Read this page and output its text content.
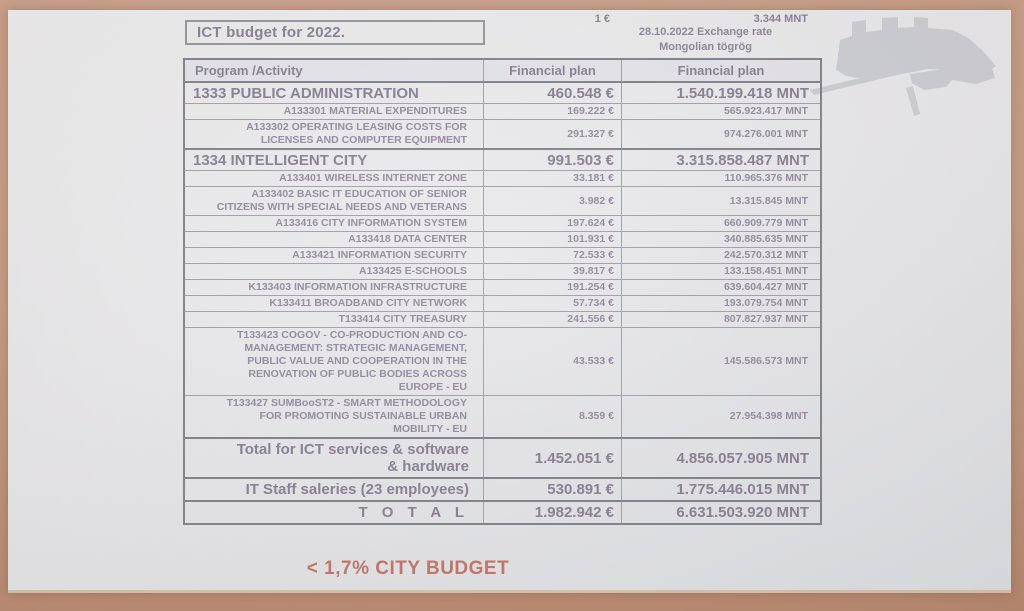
ICT budget for 2022.
1 €	3.344 MNT
28.10.2022 Exchange rate
Mongolian tögrög
Program /Activity	Financial plan	Financial plan
1333 PUBLIC ADMINISTRATION	460.548 €	1.540.199.418 MNT
A133301 MATERIAL EXPENDITURES	169.222 €	565.923.417 MNT
A133302 OPERATING LEASING COSTS FOR LICENSES AND COMPUTER EQUIPMENT
291.327 €	974.276.001 MNT
1334 INTELLIGENT CITY	991.503 €	3.315.858.487 MNT
A133401 WIRELESS INTERNET ZONE	33.181 €	110.965.376 MNT
A133402 BASIC IT EDUCATION OF SENIOR CITIZENS WITH SPECIAL NEEDS AND VETERANS
3.982 €	13.315.845 MNT
A133416 CITY INFORMATION SYSTEM	197.624 €	660.909.779 MNT
A133418 DATA CENTER	101.931 €	340.885.635 MNT
A133421 INFORMATION SECURITY	72.533 €	242.570.312 MNT
A133425 E-SCHOOLS	39.817 €	133.158.451 MNT
K133403 INFORMATION INFRASTRUCTURE	191.254 €	639.604.427 MNT
K133411 BROADBAND CITY NETWORK	57.734 €	193.079.754 MNT
T133414 CITY TREASURY	241.556 €	807.827.937 MNT
T133423 COGOV - CO-PRODUCTION AND CO-MANAGEMENT: STRATEGIC MANAGEMENT, PUBLIC VALUE AND COOPERATION IN THE RENOVATION OF PUBLIC BODIES ACROSS EUROPE - EU
43.533 €	145.586.573 MNT
T133427 SUMBooST2 - SMART METHODOLOGY FOR PROMOTING SUSTAINABLE URBAN MOBILITY - EU
8.359 €	27.954.398 MNT
Total for ICT services & software & hardware	1.452.051 €	4.856.057.905 MNT
IT Staff saleries (23 employees)	530.891 €	1.775.446.015 MNT
T O T A L	1.982.942 €	6.631.503.920 MNT
< 1,7% CITY BUDGET
